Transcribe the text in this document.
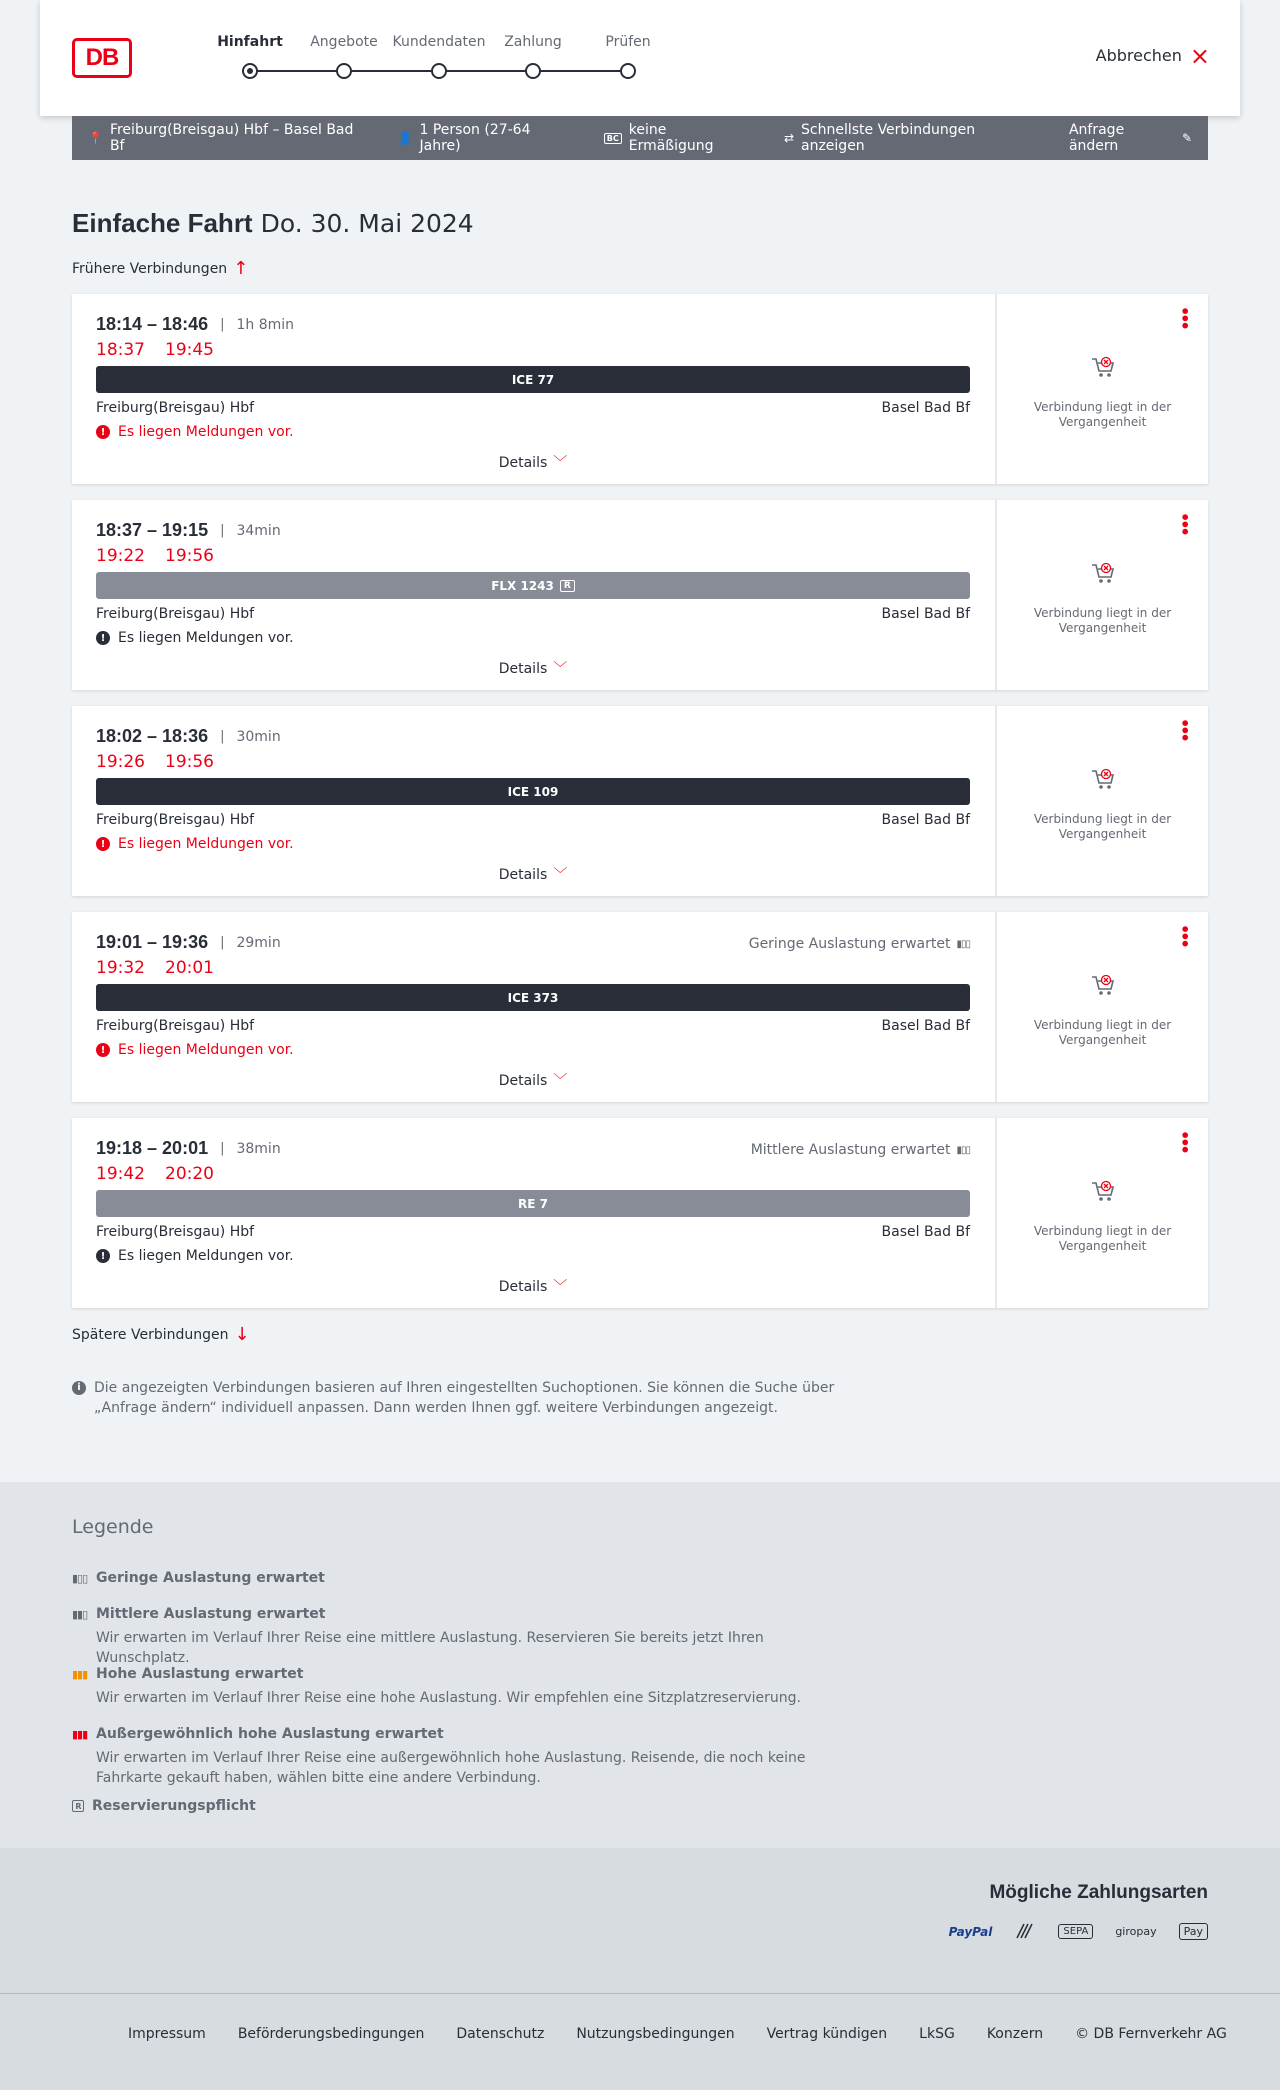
DB
Hinfahrt	Angebote	Kundendaten	Zahlung	Prüfen
Abbrechen ×
📍 Freiburg(Breisgau) Hbf – Basel Bad Bf	👤 1 Person (27-64 Jahre)	BC keine Ermäßigung	⇄ Schnellste Verbindungen anzeigen
Anfrage ändern	✎
Einfache Fahrt Do. 30. Mai 2024
Frühere Verbindungen ↑
18:14 – 18:46 | 1h 8min
18:37 19:45
ICE 77
Freiburg(Breisgau) Hbf	Basel Bad Bf
! Es liegen Meldungen vor.
Details ﹀
•••
Verbindung liegt in der Vergangenheit
18:37 – 19:15 | 34min
19:22 19:56
FLX 1243	R
Freiburg(Breisgau) Hbf	Basel Bad Bf
! Es liegen Meldungen vor.
Details ﹀
•••
Verbindung liegt in der Vergangenheit
18:02 – 18:36 | 30min
19:26 19:56
ICE 109
Freiburg(Breisgau) Hbf	Basel Bad Bf
! Es liegen Meldungen vor.
Details ﹀
•••
Verbindung liegt in der Vergangenheit
19:01 – 19:36 | 29min	Geringe Auslastung erwartet ▮▯▯
19:32 20:01
ICE 373
Freiburg(Breisgau) Hbf	Basel Bad Bf
! Es liegen Meldungen vor.
Details ﹀
•••
Verbindung liegt in der Vergangenheit
19:18 – 20:01 | 38min	Mittlere Auslastung erwartet ▮▯▯
19:42 20:20
RE 7
Freiburg(Breisgau) Hbf	Basel Bad Bf
! Es liegen Meldungen vor.
Details ﹀
•••
Verbindung liegt in der Vergangenheit
Spätere Verbindungen ↓
i Die angezeigten Verbindungen basieren auf Ihren eingestellten Suchoptionen. Sie können die Suche über „Anfrage ändern“ individuell anpassen. Dann werden Ihnen ggf. weitere Verbindungen angezeigt.
Legende
▮▯▯ Geringe Auslastung erwartet
▮▮▯ Mittlere Auslastung erwartet
Wir erwarten im Verlauf Ihrer Reise eine mittlere Auslastung. Reservieren Sie bereits jetzt Ihren Wunschplatz.
▮▮▮ Hohe Auslastung erwartet
Wir erwarten im Verlauf Ihrer Reise eine hohe Auslastung. Wir empfehlen eine Sitzplatzreservierung.
▮▮▮ Außergewöhnlich hohe Auslastung erwartet
Wir erwarten im Verlauf Ihrer Reise eine außergewöhnlich hohe Auslastung. Reisende, die noch keine Fahrkarte gekauft haben, wählen bitte eine andere Verbindung.
R Reservierungspflicht
Mögliche Zahlungsarten
PayPal	SEPA	giropay	Pay
Impressum Beförderungsbedingungen Datenschutz Nutzungsbedingungen Vertrag kündigen LkSG Konzern © DB Fernverkehr AG
